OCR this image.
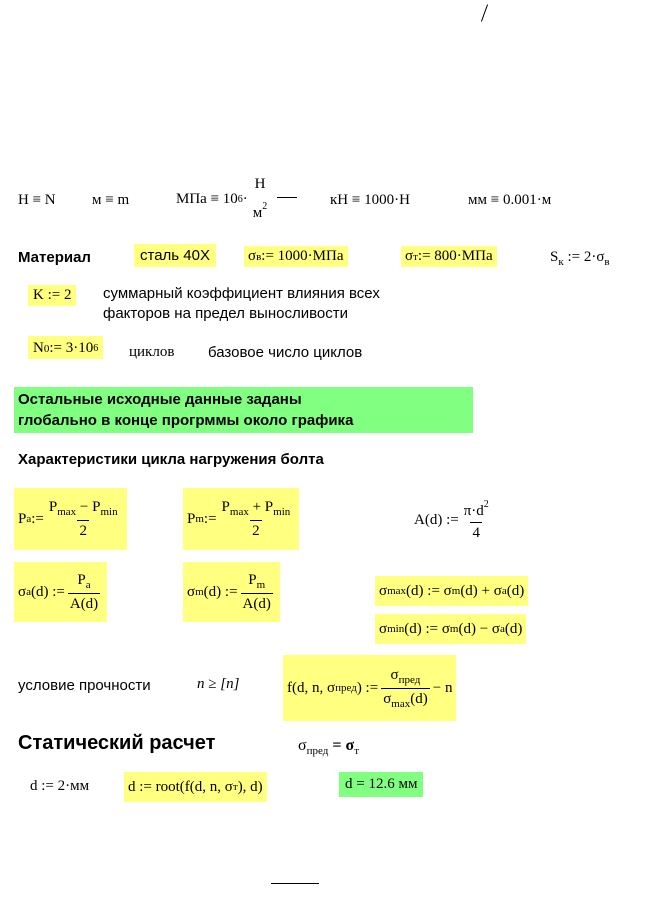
Н ≡ N м ≡ m	МПа ≡ 10 6 ·
Н
$м^2$	кН ≡ 1000·Н	мм ≡ 0.001·м
Материал	сталь 40Х	σ в := 1000·МПа	σ т := 800·МПа	$S_к$ := $2\cdot\sigma_в$
K := 2	суммарный коэффициент влияния всех
факторов на предел выносливости
N 0 := 3·10 6 циклов базовое число циклов
Остальные исходные данные заданы
глобально в конце прогрммы около графика
Характеристики цикла нагружения болта
P a := $\frac{P_{max} - P_{min}}{2}$	P m := $\frac{P_{max} + P_{min}}{2}$	A(d) := $\frac{\pi\cdot d^2}{4}$
σ a (d) := $\frac{P_a}{A(d)}$	σ m (d) := $\frac{P_m}{A(d)}$	σ max (d) := σ m (d) + σ a (d)
σ min (d) := σ m (d) − σ a (d)
условие прочности	n ≥ [n]	f(d, n, σ пред ) := $\frac{\sigma_{пред}}{\sigma_{max}(d)} - n$
Статический расчет	$\sigma_{пред} = \sigma_т$
d := 2·мм	d := root(f(d, n, σ т ), d)	d = 12.6 мм
